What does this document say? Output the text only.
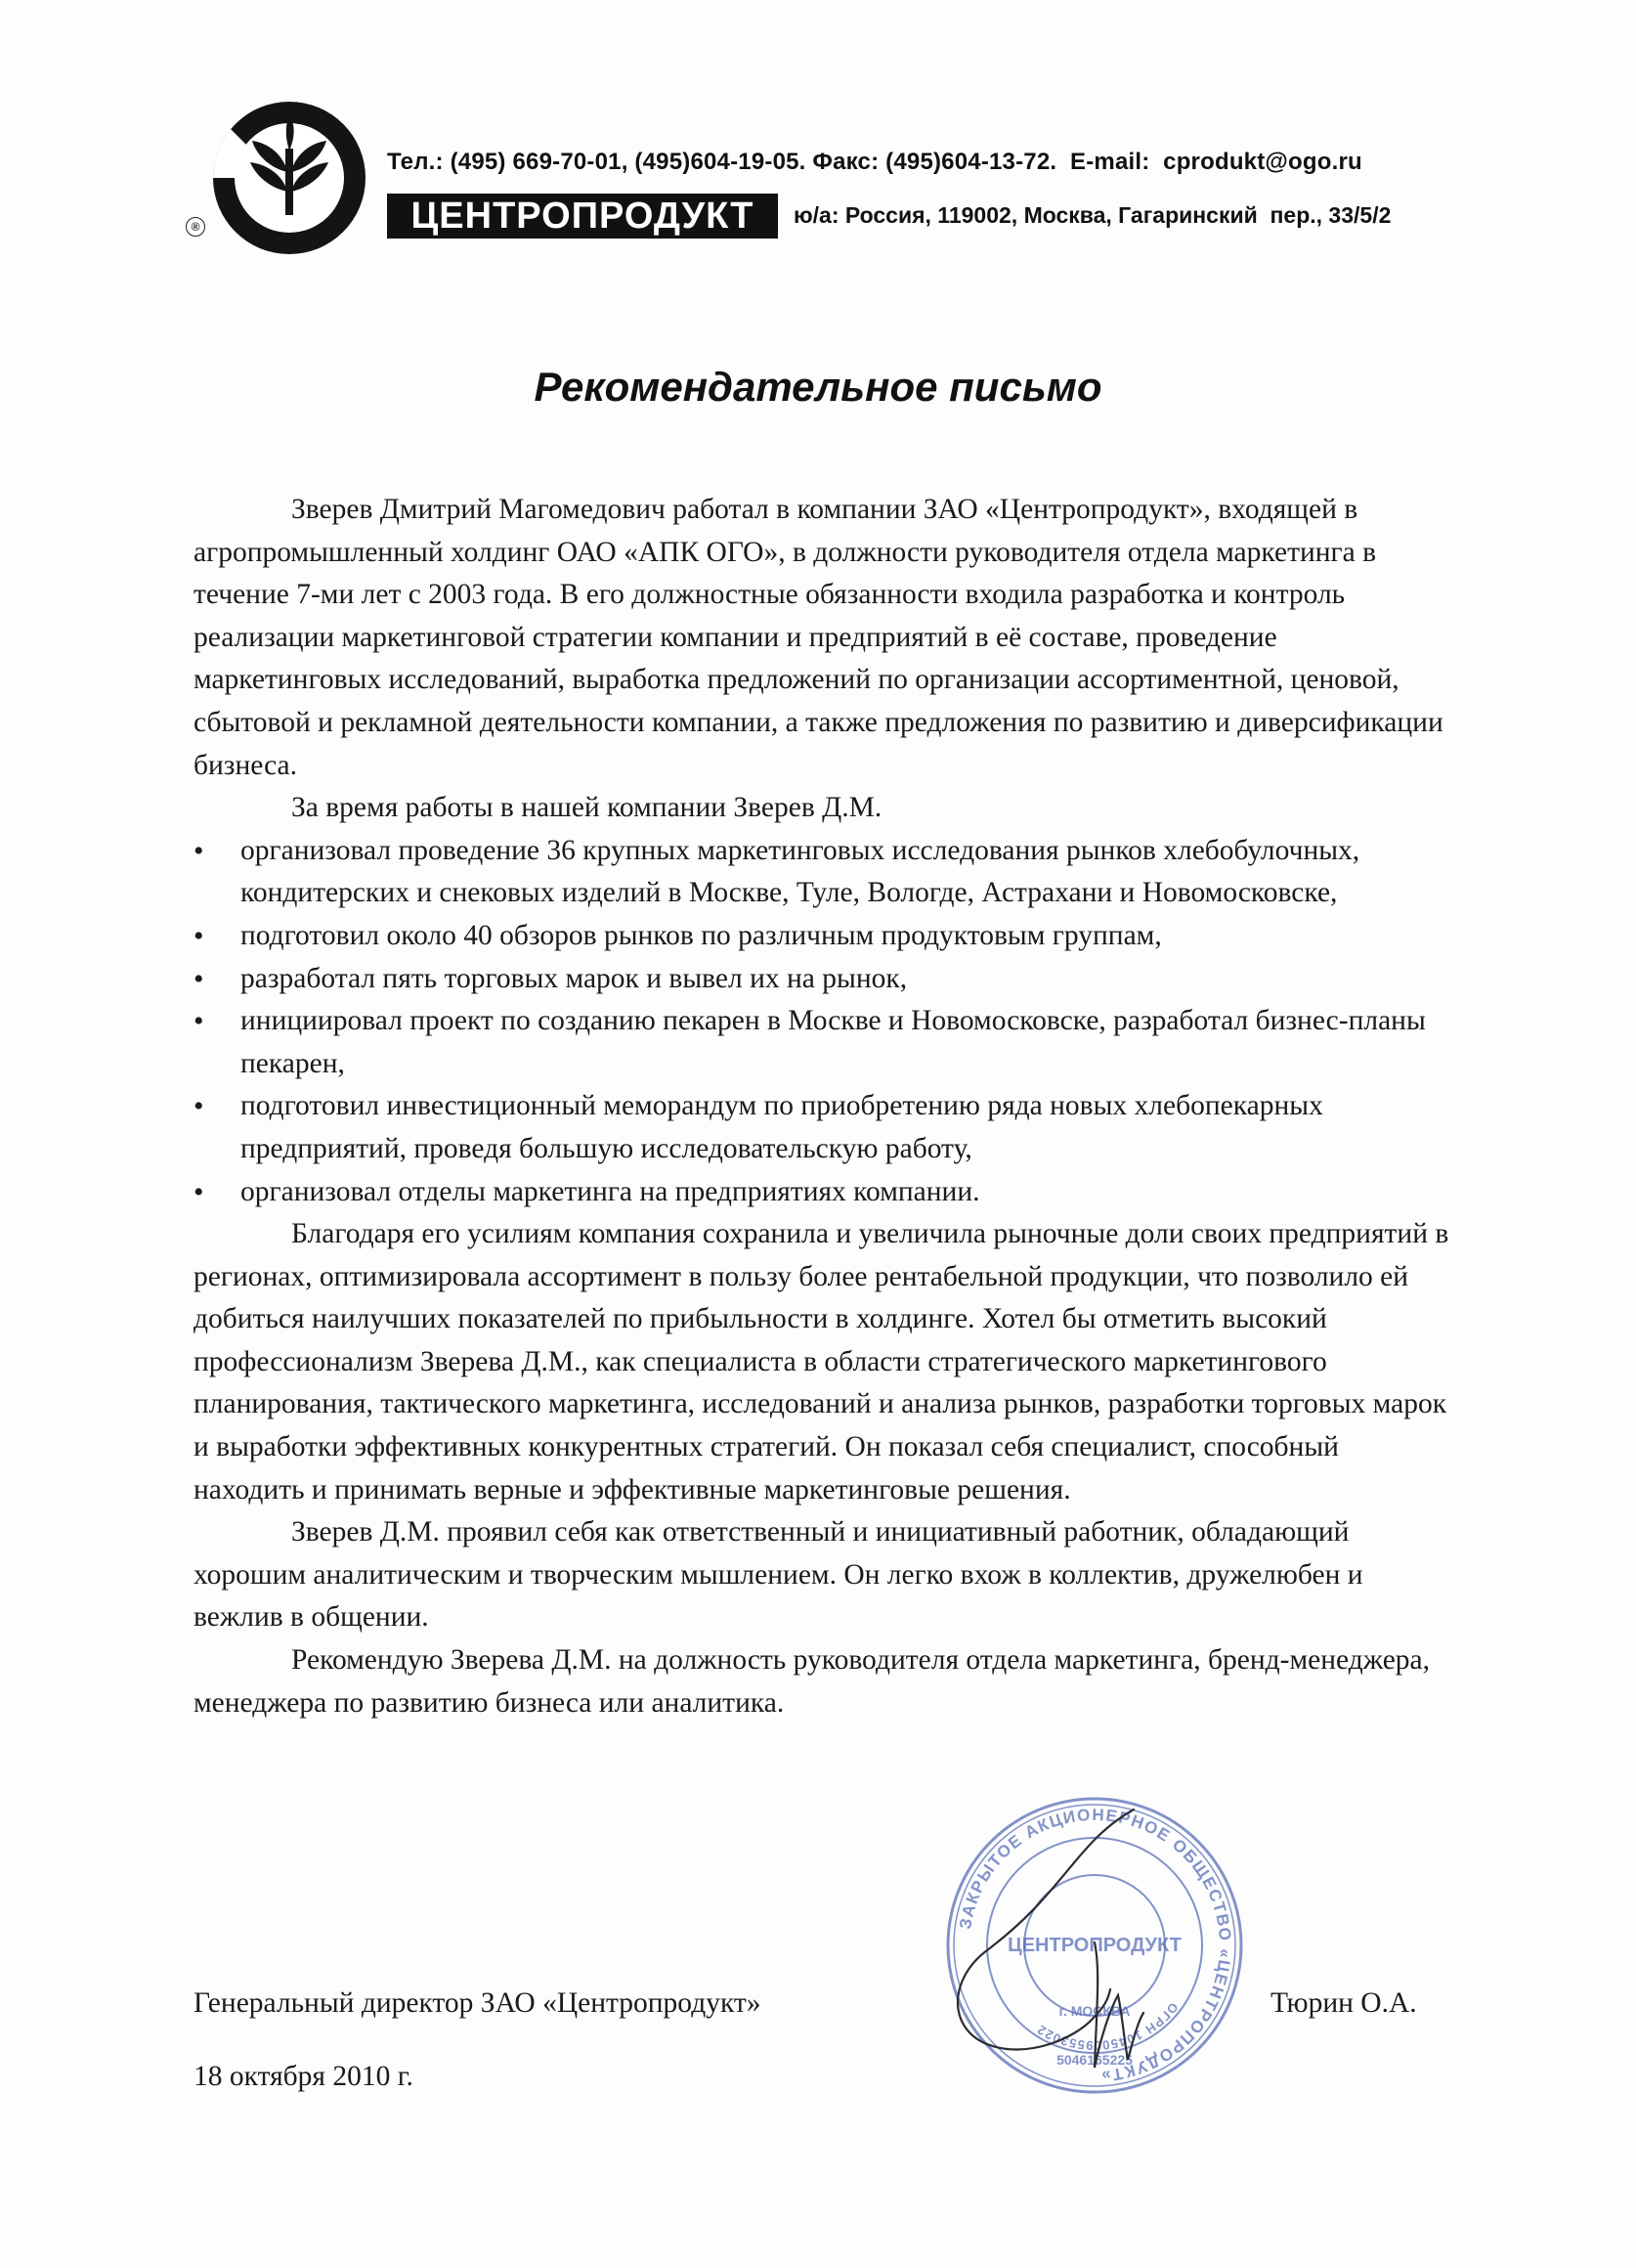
®
Тел.: (495) 669-70-01, (495)604-19-05. Факс: (495)604-13-72.  E-mail:  cprodukt@ogo.ru
ЦЕНТРОПРОДУКТ	ю/а: Россия, 119002, Москва, Гагаринский  пер., 33/5/2
Рекомендательное письмо

Зверев Дмитрий Магомедович работал в компании ЗАО «Центропродукт», входящей в агропромышленный холдинг ОАО «АПК ОГО», в должности руководителя отдела маркетинга в течение 7-ми лет с 2003 года. В его должностные обязанности входила разработка и контроль реализации маркетинговой стратегии компании и предприятий в её составе, проведение маркетинговых исследований, выработка предложений по организации ассортиментной, ценовой, сбытовой и рекламной деятельности компании, а также предложения по развитию и диверсификации бизнеса.

За время работы в нашей компании Зверев Д.М.

• организовал проведение 36 крупных маркетинговых исследования рынков хлебобулочных, кондитерских и снековых изделий в Москве, Туле, Вологде, Астрахани и Новомосковске,
• подготовил около 40 обзоров рынков по различным продуктовым группам,
• разработал пять торговых марок и вывел их на рынок,
• инициировал проект по созданию пекарен в Москве и Новомосковске, разработал бизнес-планы пекарен,
• подготовил инвестиционный меморандум по приобретению ряда новых хлебопекарных предприятий, проведя большую исследовательскую работу,
• организовал отделы маркетинга на предприятиях компании.

Благодаря его усилиям компания сохранила и увеличила рыночные доли своих предприятий в регионах, оптимизировала ассортимент в пользу более рентабельной продукции, что позволило ей добиться наилучших показателей по прибыльности в холдинге. Хотел бы отметить высокий профессионализм Зверева Д.М., как специалиста в области стратегического маркетингового планирования, тактического маркетинга, исследований и анализа рынков, разработки торговых марок и выработки эффективных конкурентных стратегий. Он показал себя специалист, способный находить и принимать верные и эффективные маркетинговые решения.

Зверев Д.М. проявил себя как ответственный и инициативный работник, обладающий хорошим аналитическим и творческим мышлением. Он легко вхож в коллектив, дружелюбен и вежлив в общении.

Рекомендую Зверева Д.М. на должность руководителя отдела маркетинга, бренд-менеджера, менеджера по развитию бизнеса или аналитика.

ЗАКРЫТОЕ АКЦИОНЕРНОЕ ОБЩЕСТВО «ЦЕНТРОПРОДУКТ»
ОГРН 1045009553022
ЦЕНТРОПРОДУКТ
г. МОСКВА
5046165225
Генеральный директор ЗАО «Центропродукт»	Тюрин О.А.
18 октября 2010 г.
